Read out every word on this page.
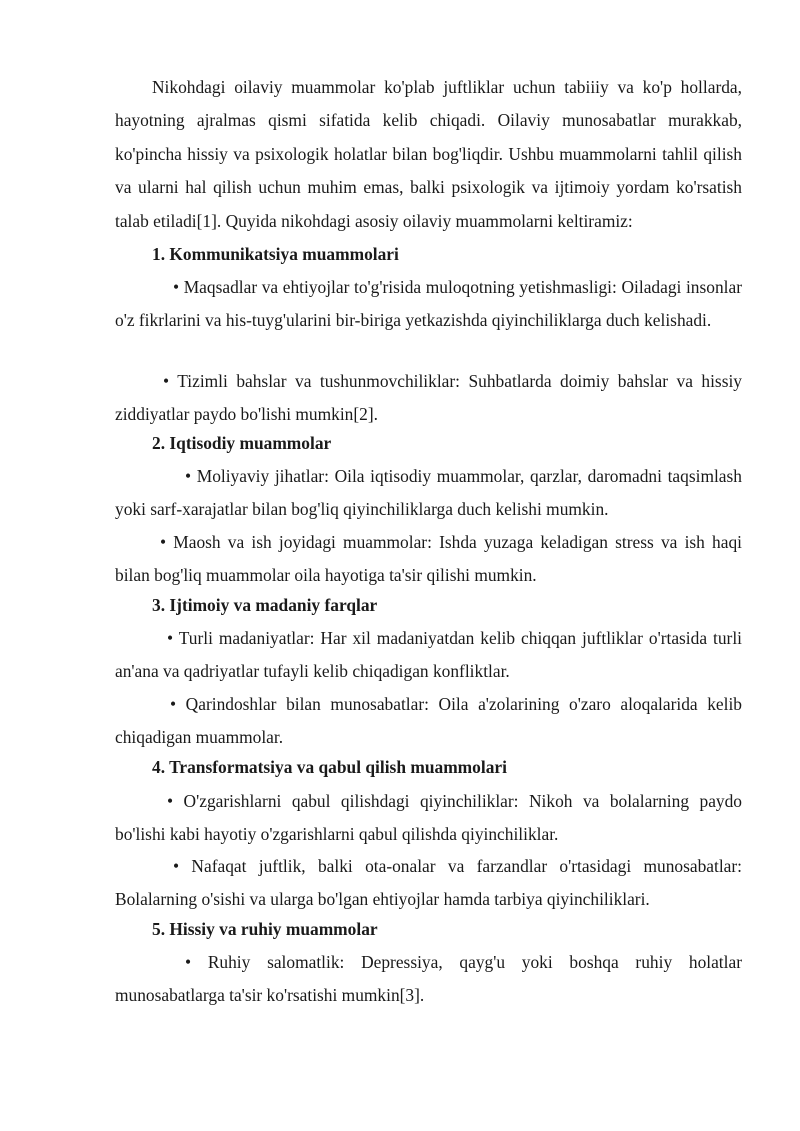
Nikohdagi oilaviy muammolar ko'plab juftliklar uchun tabiiiy va ko'p hollarda, hayotning ajralmas qismi sifatida kelib chiqadi. Oilaviy munosabatlar murakkab, ko'pincha hissiy va psixologik holatlar bilan bog'liqdir. Ushbu muammolarni tahlil qilish va ularni hal qilish uchun muhim emas, balki psixologik va ijtimoiy yordam ko'rsatish talab etiladi[1]. Quyida nikohdagi asosiy oilaviy muammolarni keltiramiz:

1. Kommunikatsiya muammolari

• Maqsadlar va ehtiyojlar to'g'risida muloqotning yetishmasligi: Oiladagi insonlar o'z fikrlarini va his-tuyg'ularini bir-biriga yetkazishda qiyinchiliklarga duch kelishadi.

• Tizimli bahslar va tushunmovchiliklar: Suhbatlarda doimiy bahslar va hissiy ziddiyatlar paydo bo'lishi mumkin[2].

2. Iqtisodiy muammolar

• Moliyaviy jihatlar: Oila iqtisodiy muammolar, qarzlar, daromadni taqsimlash yoki sarf-xarajatlar bilan bog'liq qiyinchiliklarga duch kelishi mumkin.

• Maosh va ish joyidagi muammolar: Ishda yuzaga keladigan stress va ish haqi bilan bog'liq muammolar oila hayotiga ta'sir qilishi mumkin.

3. Ijtimoiy va madaniy farqlar

• Turli madaniyatlar: Har xil madaniyatdan kelib chiqqan juftliklar o'rtasida turli an'ana va qadriyatlar tufayli kelib chiqadigan konfliktlar.

• Qarindoshlar bilan munosabatlar: Oila a'zolarining o'zaro aloqalarida kelib chiqadigan muammolar.

4. Transformatsiya va qabul qilish muammolari

• O'zgarishlarni qabul qilishdagi qiyinchiliklar: Nikoh va bolalarning paydo bo'lishi kabi hayotiy o'zgarishlarni qabul qilishda qiyinchiliklar.

• Nafaqat juftlik, balki ota-onalar va farzandlar o'rtasidagi munosabatlar: Bolalarning o'sishi va ularga bo'lgan ehtiyojlar hamda tarbiya qiyinchiliklari.

5. Hissiy va ruhiy muammolar

• Ruhiy salomatlik: Depressiya, qayg'u yoki boshqa ruhiy holatlar munosabatlarga ta'sir ko'rsatishi mumkin[3].
